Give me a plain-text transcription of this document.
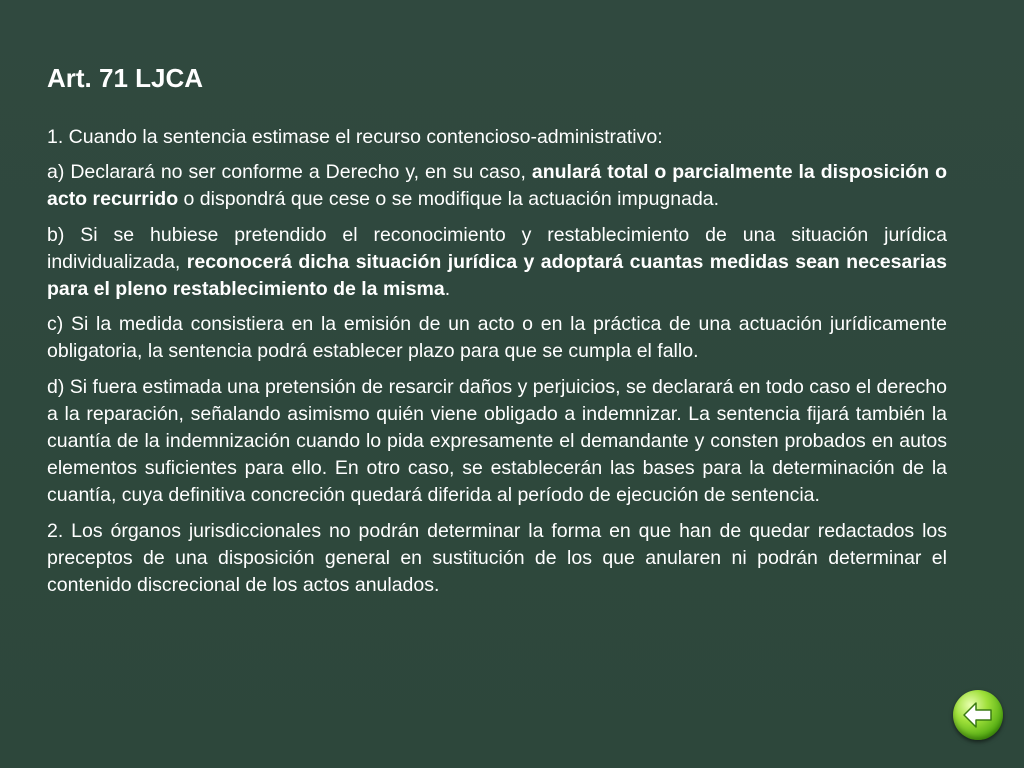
Art. 71 LJCA

1. Cuando la sentencia estimase el recurso contencioso-administrativo:

a) Declarará no ser conforme a Derecho y, en su caso, anulará total o parcialmente la disposición o acto recurrido o dispondrá que cese o se modifique la actuación impugnada.

b) Si se hubiese pretendido el reconocimiento y restablecimiento de una situación jurídica individualizada, reconocerá dicha situación jurídica y adoptará cuantas medidas sean necesarias para el pleno restablecimiento de la misma.

c) Si la medida consistiera en la emisión de un acto o en la práctica de una actuación jurídicamente obligatoria, la sentencia podrá establecer plazo para que se cumpla el fallo.

d) Si fuera estimada una pretensión de resarcir daños y perjuicios, se declarará en todo caso el derecho a la reparación, señalando asimismo quién viene obligado a indemnizar. La sentencia fijará también la cuantía de la indemnización cuando lo pida expresamente el demandante y consten probados en autos elementos suficientes para ello. En otro caso, se establecerán las bases para la determinación de la cuantía, cuya definitiva concreción quedará diferida al período de ejecución de sentencia.

2. Los órganos jurisdiccionales no podrán determinar la forma en que han de quedar redactados los preceptos de una disposición general en sustitución de los que anularen ni podrán determinar el contenido discrecional de los actos anulados.
